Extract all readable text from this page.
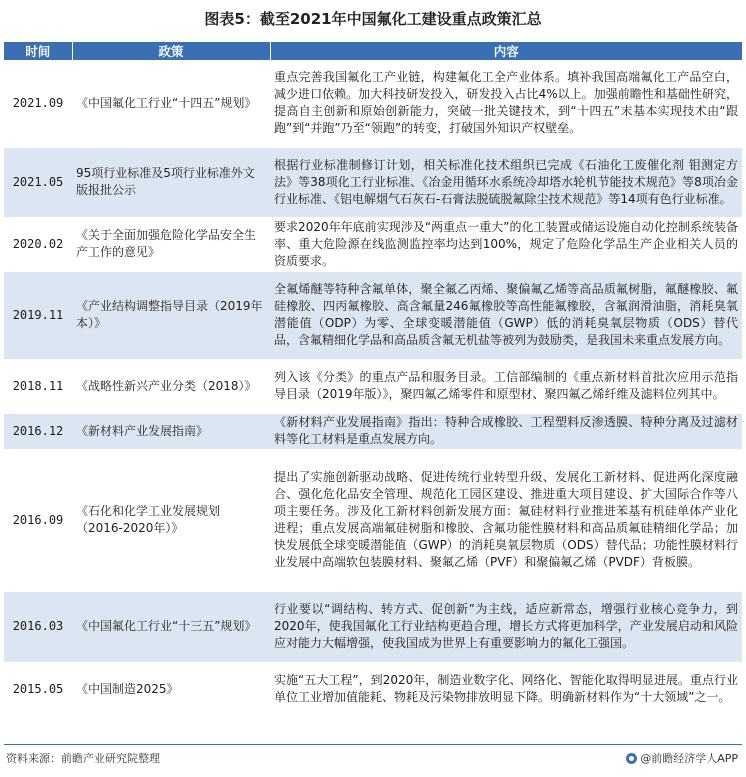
图表5：截至2021年中国氟化工建设重点政策汇总
时间	政策	内容
2021.09	《中国氟化工行业“十四五”规划》	重点完善我国氟化工产业链，构建氟化工全产业体系。填补我国高端氟化工产品空白，减少进口依赖。加大科技研发投入，研发投入占比4%以上。加强前瞻性和基础性研究，提高自主创新和原始创新能力，突破一批关键技术，到“十四五”末基本实现技术由“跟跑”到“并跑”乃至“领跑”的转变，打破国外知识产权壁垒。
2021.05	95项行业标准及5项行业标准外文版报批公示	根据行业标准制修订计划，相关标准化技术组织已完成《石油化工废催化剂 钼测定方法》等38项化工行业标准、《冶金用循环水系统冷却塔水轮机节能技术规范》等8项冶金行业标准、《铝电解烟气石灰石-石膏法脱硫脱氟除尘技术规范》等14项有色行业标准。
2020.02	《关于全面加强危险化学品安全生产工作的意见》	要求2020年年底前实现涉及“两重点一重大”的化工装置或储运设施自动化控制系统装备率、重大危险源在线监测监控率均达到100%，规定了危险化学品生产企业相关人员的资质要求。
2019.11	《产业结构调整指导目录（2019年本）》	全氟烯醚等特种含氟单体，聚全氟乙丙烯、聚偏氟乙烯等高品质氟树脂，氟醚橡胶、氟硅橡胶、四丙氟橡胶、高含氟量246氟橡胶等高性能氟橡胶，含氟润滑油脂，消耗臭氧潜能值（ODP）为零、全球变暖潜能值（GWP）低的消耗臭氧层物质（ODS）替代品，含氟精细化学品和高品质含氟无机盐等被列为鼓励类，是我国未来重点发展方向。
2018.11	《战略性新兴产业分类（2018）》	列入该《分类》的重点产品和服务目录。工信部编制的《重点新材料首批次应用示范指导目录（2019年版）》，聚四氟乙烯零件和原型材、聚四氟乙烯纤维及滤料位列其中。
2016.12	《新材料产业发展指南》	《新材料产业发展指南》指出：特种合成橡胶、工程塑料反渗透膜、特种分离及过滤材料等化工材料是重点发展方向。
2016.09	《石化和化学工业发展规划（2016-2020年）》	提出了实施创新驱动战略、促进传统行业转型升级、发展化工新材料、促进两化深度融合、强化危化品安全管理、规范化工园区建设、推进重大项目建设、扩大国际合作等八项主要任务。涉及化工新材料创新发展方面：氟硅材料行业推进苯基有机硅单体产业化进程；重点发展高端氟硅树脂和橡胶、含氟功能性膜材料和高品质氟硅精细化学品；加快发展低全球变暖潜能值（GWP）的消耗臭氧层物质（ODS）替代品；功能性膜材料行业发展中高端软包装膜材料、聚氟乙烯（PVF）和聚偏氟乙烯（PVDF）背板膜。
2016.03	《中国氟化工行业“十三五”规划》	行业要以“调结构、转方式、促创新”为主线，适应新常态，增强行业核心竞争力，到2020年，使我国氟化工行业结构更趋合理，增长方式将更加科学，产业发展启动和风险应对能力大幅增强，使我国成为世界上有重要影响力的氟化工强国。
2015.05	《中国制造2025》	实施“五大工程”，到2020年，制造业数字化、网络化、智能化取得明显进展。重点行业单位工业增加值能耗、物耗及污染物排放明显下降。明确新材料作为“十大领域”之一。
资料来源：前瞻产业研究院整理	@前瞻经济学人APP
